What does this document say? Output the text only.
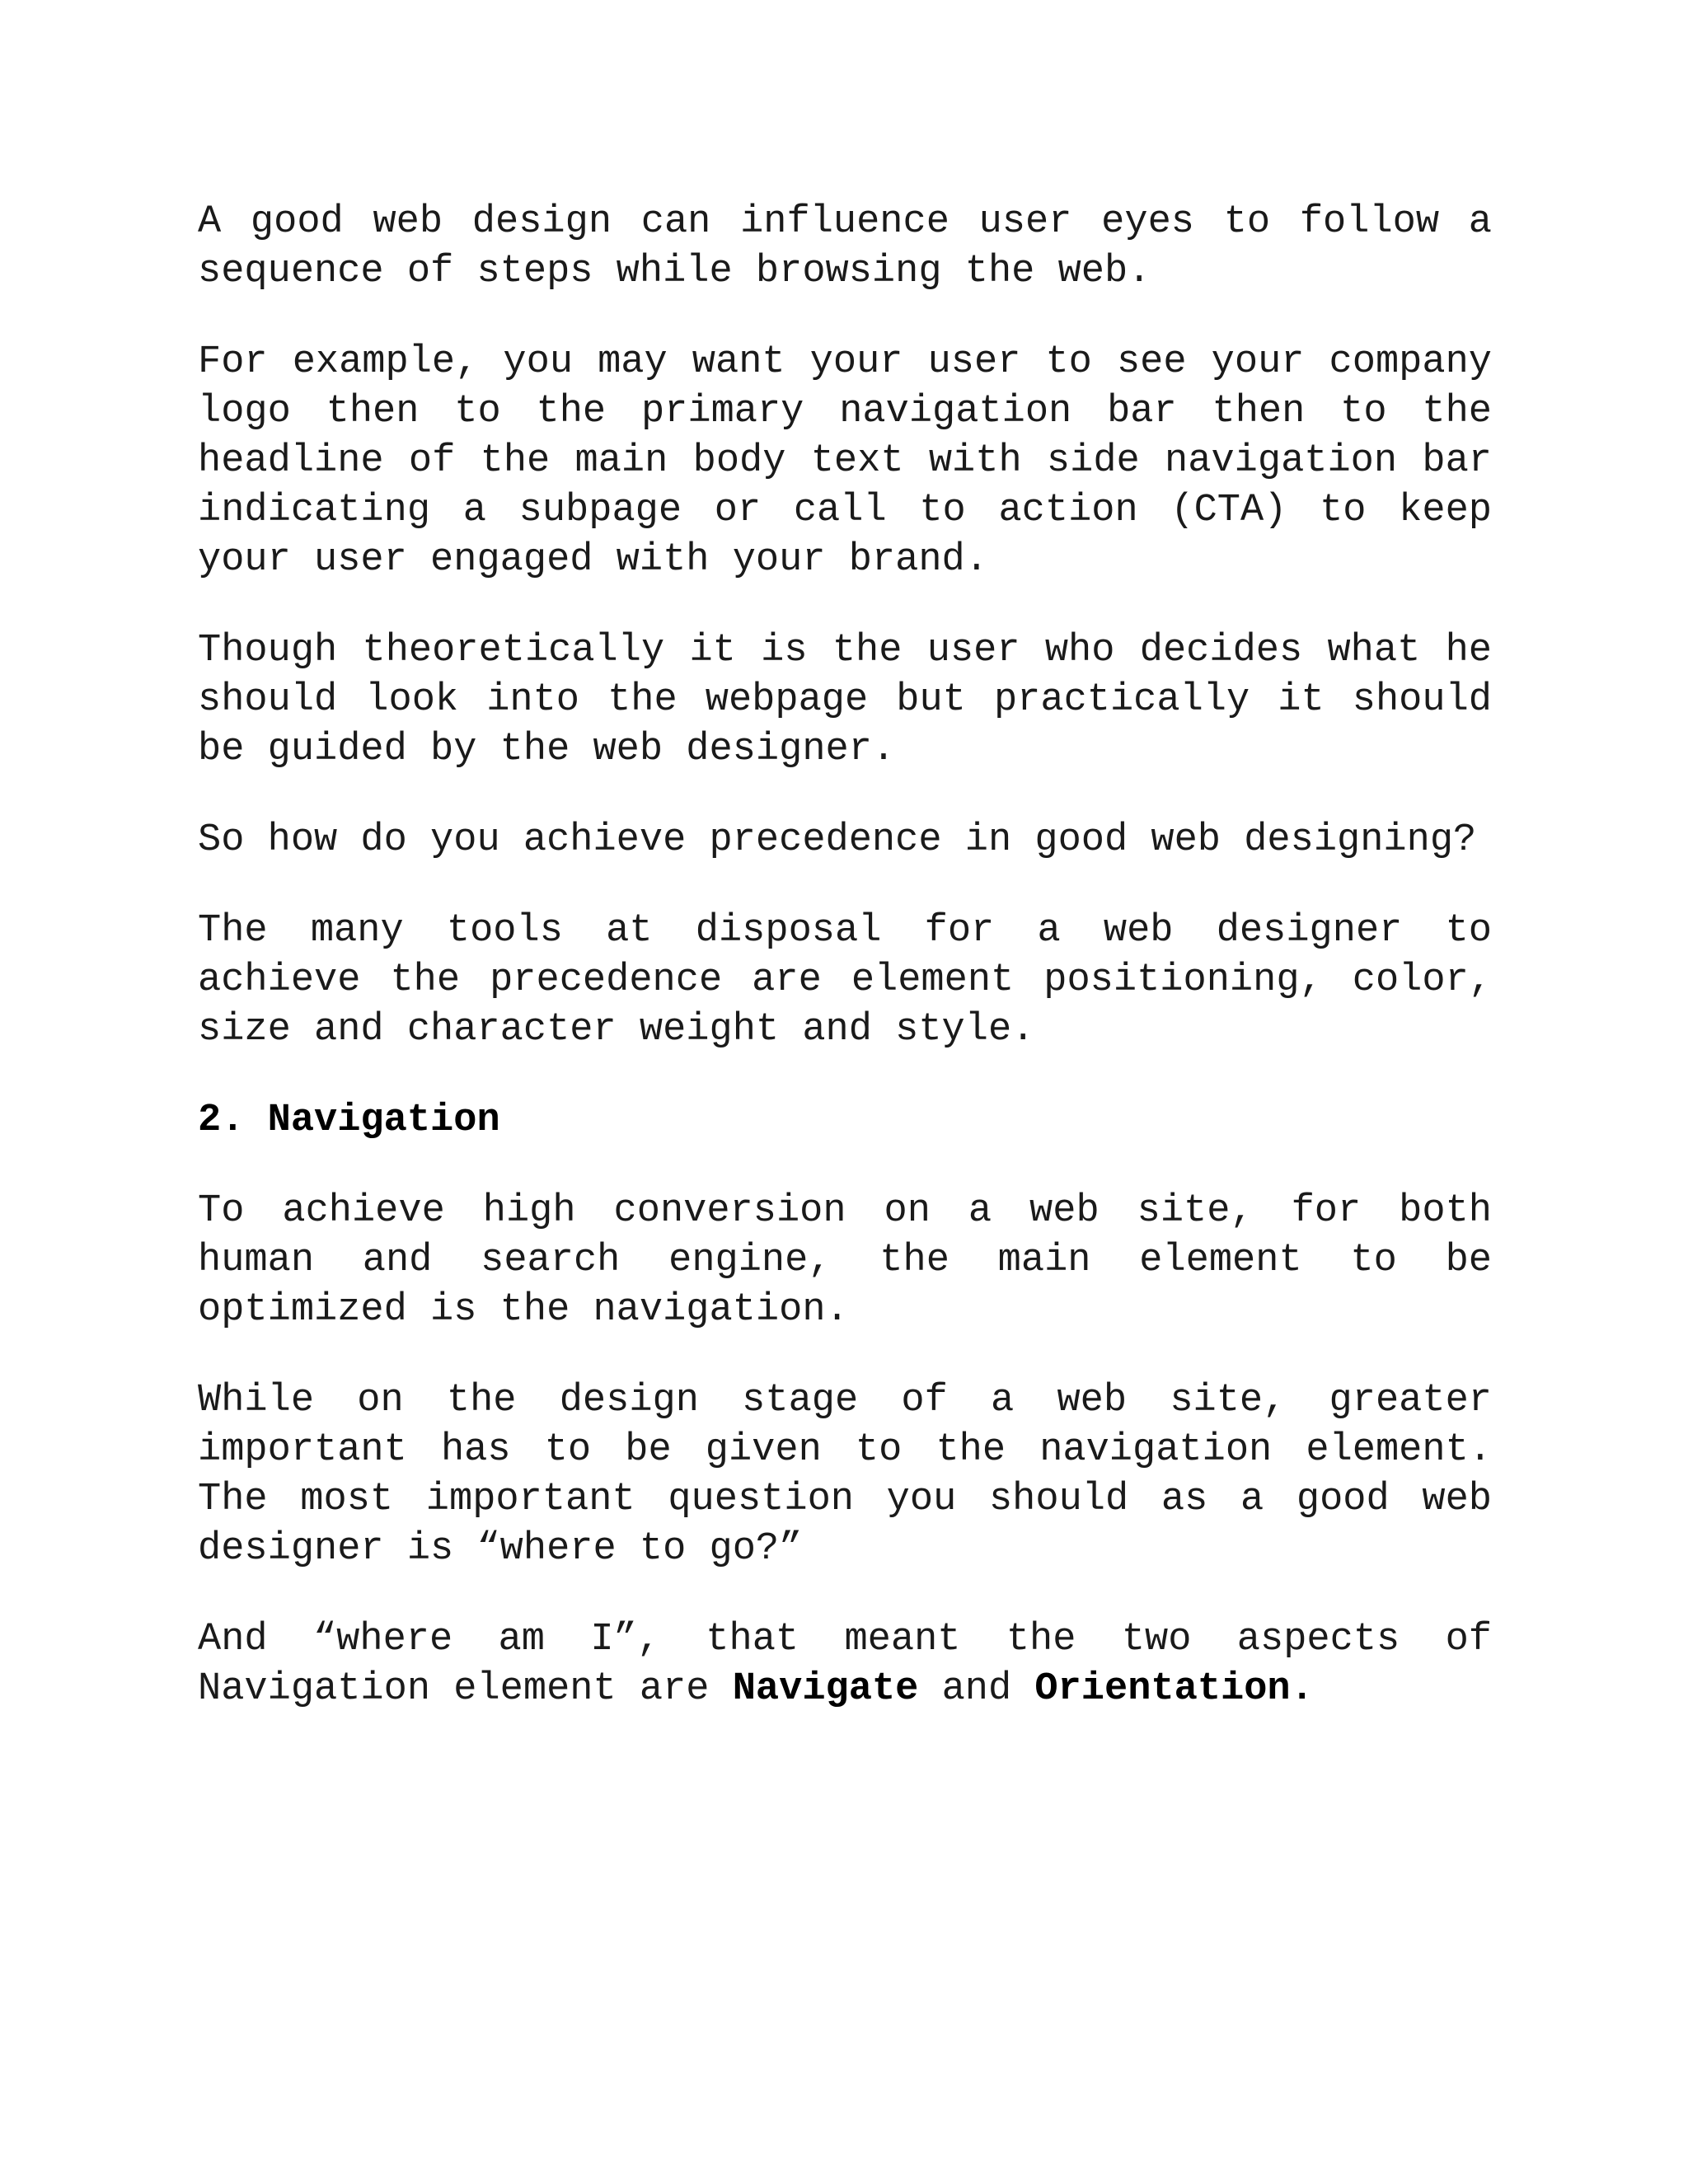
A good web design can influence user eyes to follow a sequence of steps while browsing the web.

For example, you may want your user to see your company logo then to the primary navigation bar then to the headline of the main body text with side navigation bar indicating a subpage or call to action (CTA) to keep your user engaged with your brand.

Though theoretically it is the user who decides what he should look into the webpage but practically it should be guided by the web designer.

So how do you achieve precedence in good web designing?

The many tools at disposal for a web designer to achieve the precedence are element positioning, color, size and character weight and style.

2. Navigation

To achieve high conversion on a web site, for both human and search engine, the main element to be optimized is the navigation.

While on the design stage of a web site, greater important has to be given to the navigation element. The most important question you should as a good web designer is “where to go?”

And “where am I”, that meant the two aspects of Navigation element are Navigate and Orientation.
